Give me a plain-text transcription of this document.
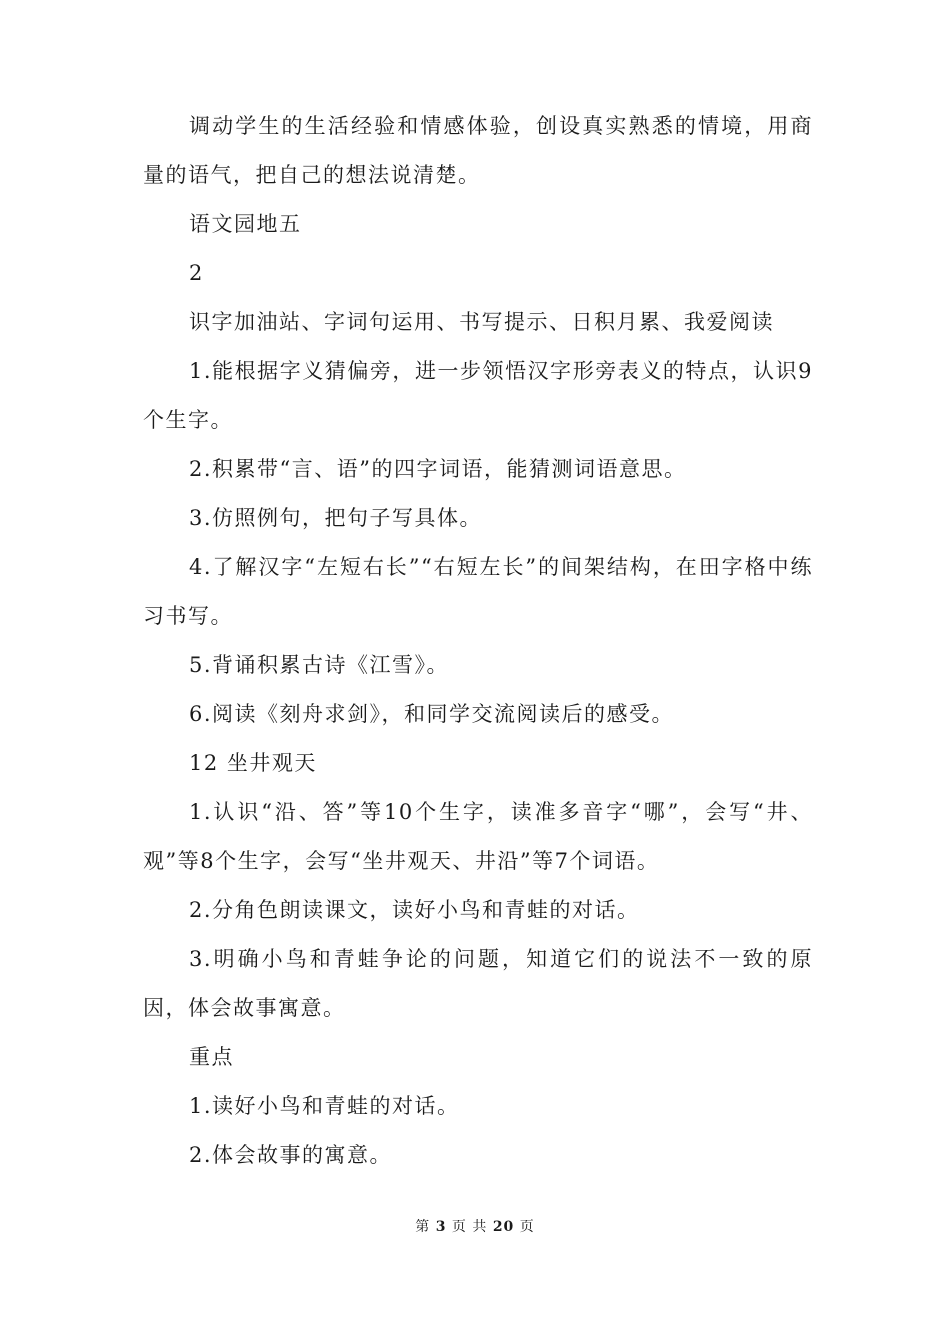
调动学生的生活经验和情感体验，创设真实熟悉的情境，用商量的语气，把自己的想法说清楚。

语文园地五

2

识字加油站、字词句运用、书写提示、日积月累、我爱阅读

1.能根据字义猜偏旁，进一步领悟汉字形旁表义的特点，认识9个生字。

2.积累带“言、语”的四字词语，能猜测词语意思。

3.仿照例句，把句子写具体。

4.了解汉字“左短右长”“右短左长”的间架结构，在田字格中练习书写。

5.背诵积累古诗《江雪》。

6.阅读《刻舟求剑》，和同学交流阅读后的感受。

12 坐井观天

1.认识“沿、答”等10个生字，读准多音字“哪”，会写“井、观”等8个生字，会写“坐井观天、井沿”等7个词语。

2.分角色朗读课文，读好小鸟和青蛙的对话。

3.明确小鸟和青蛙争论的问题，知道它们的说法不一致的原因，体会故事寓意。

重点

1.读好小鸟和青蛙的对话。

2.体会故事的寓意。

第 3 页 共 20 页
